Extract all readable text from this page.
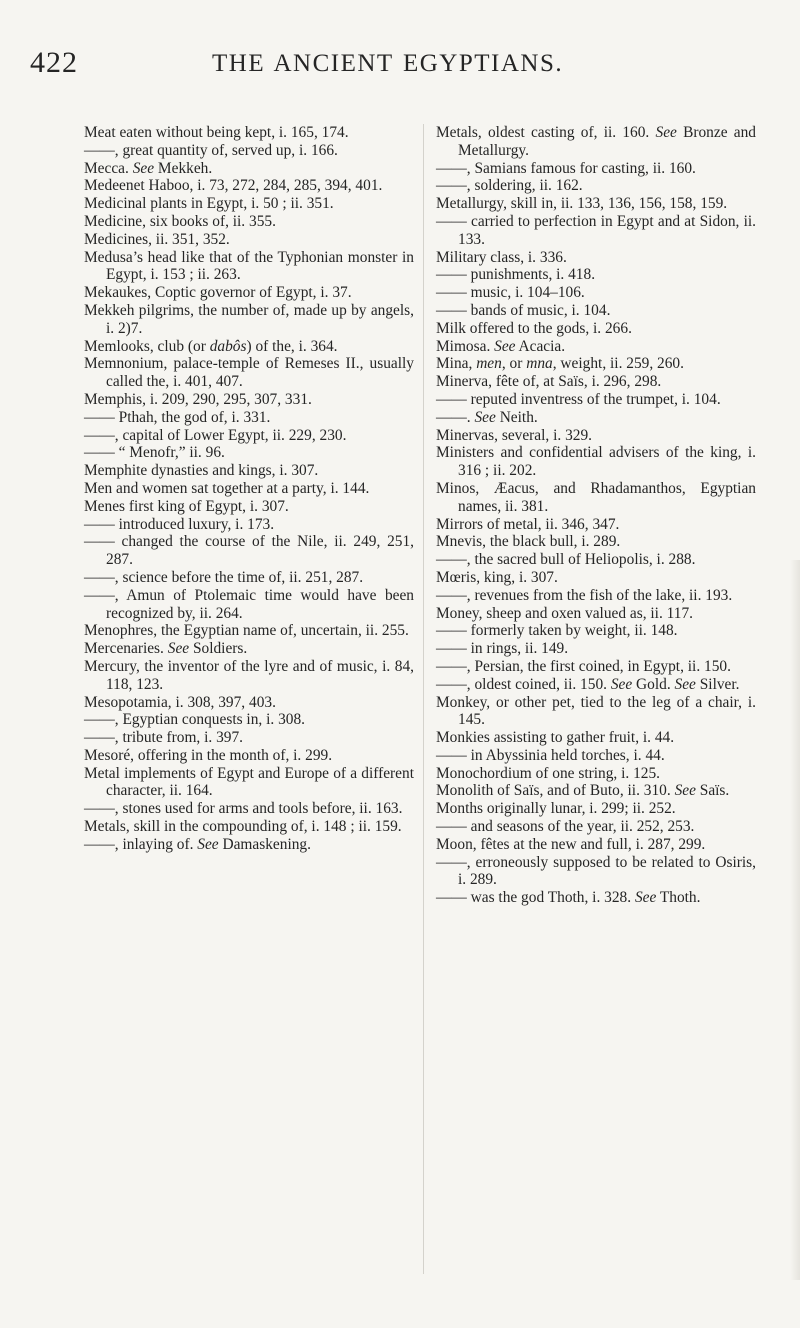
422	THE ANCIENT EGYPTIANS.

Meat eaten without being kept, i. 165, 174.

——, great quantity of, served up, i. 166.

Mecca. See Mekkeh.

Medeenet Haboo, i. 73, 272, 284, 285, 394, 401.

Medicinal plants in Egypt, i. 50 ; ii. 351.

Medicine, six books of, ii. 355.

Medicines, ii. 351, 352.

Medusa’s head like that of the Typhonian monster in Egypt, i. 153 ; ii. 263.

Mekaukes, Coptic governor of Egypt, i. 37.

Mekkeh pilgrims, the number of, made up by angels, i. 2)7.

Memlooks, club (or dabôs) of the, i. 364.

Memnonium, palace-temple of Remeses II., usually called the, i. 401, 407.

Memphis, i. 209, 290, 295, 307, 331.

—— Pthah, the god of, i. 331.

——, capital of Lower Egypt, ii. 229, 230.

—— “ Menofr,” ii. 96.

Memphite dynasties and kings, i. 307.

Men and women sat together at a party, i. 144.

Menes first king of Egypt, i. 307.

—— introduced luxury, i. 173.

—— changed the course of the Nile, ii. 249, 251, 287.

——, science before the time of, ii. 251, 287.

——, Amun of Ptolemaic time would have been recognized by, ii. 264.

Menophres, the Egyptian name of, uncertain, ii. 255.

Mercenaries. See Soldiers.

Mercury, the inventor of the lyre and of music, i. 84, 118, 123.

Mesopotamia, i. 308, 397, 403.

——, Egyptian conquests in, i. 308.

——, tribute from, i. 397.

Mesoré, offering in the month of, i. 299.

Metal implements of Egypt and Europe of a different character, ii. 164.

——, stones used for arms and tools before, ii. 163.

Metals, skill in the compounding of, i. 148 ; ii. 159.

——, inlaying of. See Damaskening.

Metals, oldest casting of, ii. 160. See Bronze and Metallurgy.

——, Samians famous for casting, ii. 160.

——, soldering, ii. 162.

Metallurgy, skill in, ii. 133, 136, 156, 158, 159.

—— carried to perfection in Egypt and at Sidon, ii. 133.

Military class, i. 336.

—— punishments, i. 418.

—— music, i. 104–106.

—— bands of music, i. 104.

Milk offered to the gods, i. 266.

Mimosa. See Acacia.

Mina, men, or mna, weight, ii. 259, 260.

Minerva, fête of, at Saïs, i. 296, 298.

—— reputed inventress of the trumpet, i. 104.

——. See Neith.

Minervas, several, i. 329.

Ministers and confidential advisers of the king, i. 316 ; ii. 202.

Minos, Æacus, and Rhadamanthos, Egyptian names, ii. 381.

Mirrors of metal, ii. 346, 347.

Mnevis, the black bull, i. 289.

——, the sacred bull of Heliopolis, i. 288.

Mœris, king, i. 307.

——, revenues from the fish of the lake, ii. 193.

Money, sheep and oxen valued as, ii. 117.

—— formerly taken by weight, ii. 148.

—— in rings, ii. 149.

——, Persian, the first coined, in Egypt, ii. 150.

——, oldest coined, ii. 150. See Gold. See Silver.

Monkey, or other pet, tied to the leg of a chair, i. 145.

Monkies assisting to gather fruit, i. 44.

—— in Abyssinia held torches, i. 44.

Monochordium of one string, i. 125.

Monolith of Saïs, and of Buto, ii. 310. See Saïs.

Months originally lunar, i. 299; ii. 252.

—— and seasons of the year, ii. 252, 253.

Moon, fêtes at the new and full, i. 287, 299.

——, erroneously supposed to be related to Osiris, i. 289.

—— was the god Thoth, i. 328. See Thoth.
